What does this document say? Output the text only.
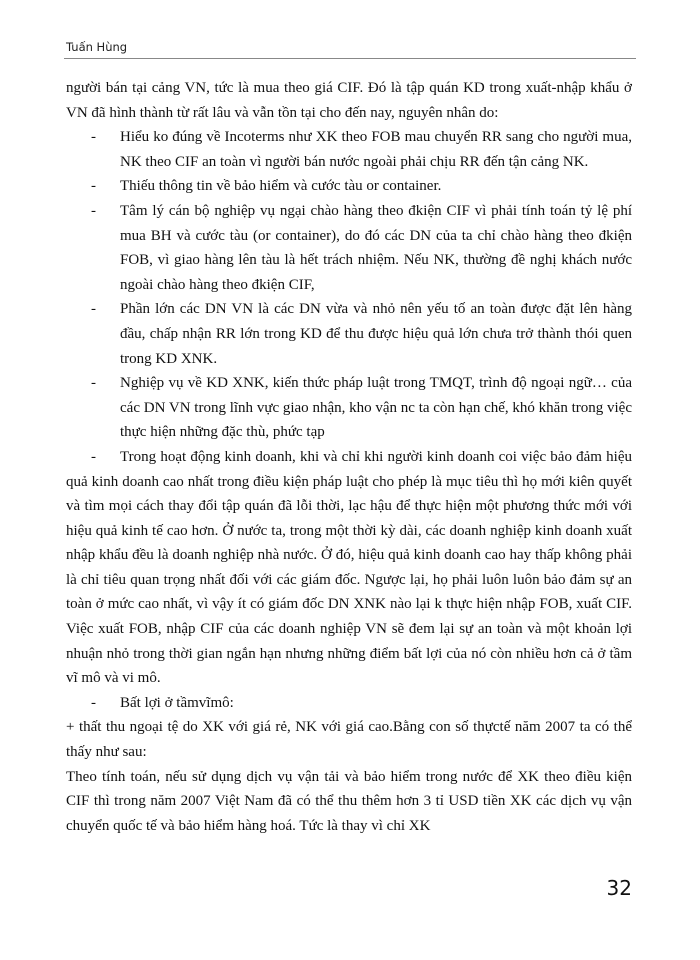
Tuấn Hùng

người bán tại cảng VN, tức là mua theo giá CIF. Đó là tập quán KD trong xuất-nhập khẩu ở VN đã hình thành từ rất lâu và vẫn tồn tại cho đến nay, nguyên nhân do:

- Hiểu ko đúng về Incoterms như XK theo FOB mau chuyển RR sang cho người mua, NK theo CIF an toàn vì người bán nước ngoài phải chịu RR đến tận cảng NK.

- Thiếu thông tin về bảo hiểm và cước tàu or container.

- Tâm lý cán bộ nghiệp vụ ngại chào hàng theo đkiện CIF vì phải tính toán tỷ lệ phí mua BH và cước tàu (or container), do đó các DN của ta chỉ chào hàng theo đkiện FOB, vì giao hàng lên tàu là hết trách nhiệm. Nếu NK, thường đề nghị khách nước ngoài chào hàng theo đkiện CIF,

- Phần lớn các DN VN là các DN vừa và nhỏ nên yếu tố an toàn được đặt lên hàng đầu, chấp nhận RR lớn trong KD để thu được hiệu quả lớn chưa trở thành thói quen trong KD XNK.

- Nghiệp vụ về KD XNK, kiến thức pháp luật trong TMQT, trình độ ngoại ngữ… của các DN VN trong lĩnh vực giao nhận, kho vận nc ta còn hạn chế, khó khăn trong việc thực hiện những đặc thù, phức tạp

- Trong hoạt động kinh doanh, khi và chỉ khi người kinh doanh coi việc bảo đảm hiệu quả kinh doanh cao nhất trong điều kiện pháp luật cho phép là mục tiêu thì họ mới kiên quyết và tìm mọi cách thay đổi tập quán đã lỗi thời, lạc hậu để thực hiện một phương thức mới với hiệu quả kinh tế cao hơn. Ở nước ta, trong một thời kỳ dài, các doanh nghiệp kinh doanh xuất nhập khẩu đều là doanh nghiệp nhà nước. Ở đó, hiệu quả kinh doanh cao hay thấp không phải là chỉ tiêu quan trọng nhất đối với các giám đốc. Ngược lại, họ phải luôn luôn bảo đảm sự an toàn ở mức cao nhất, vì vậy ít có giám đốc DN XNK nào lại k thực hiện nhập FOB, xuất CIF. Việc xuất FOB, nhập CIF của các doanh nghiệp VN sẽ đem lại sự an toàn và một khoản lợi nhuận nhỏ trong thời gian ngắn hạn nhưng những điểm bất lợi của nó còn nhiều hơn cả ở tầm vĩ mô và vi mô.

- Bất lợi ở tầmvĩmô:

+ thất thu ngoại tệ do XK với giá rẻ, NK với giá cao.Bằng con số thựctế năm 2007 ta có thể thấy như sau:

Theo tính toán, nếu sử dụng dịch vụ vận tải và bảo hiểm trong nước để XK theo điều kiện CIF thì trong năm 2007 Việt Nam đã có thể thu thêm hơn 3 tỉ USD tiền XK các dịch vụ vận chuyển quốc tế và bảo hiểm hàng hoá. Tức là thay vì chỉ XK

32
